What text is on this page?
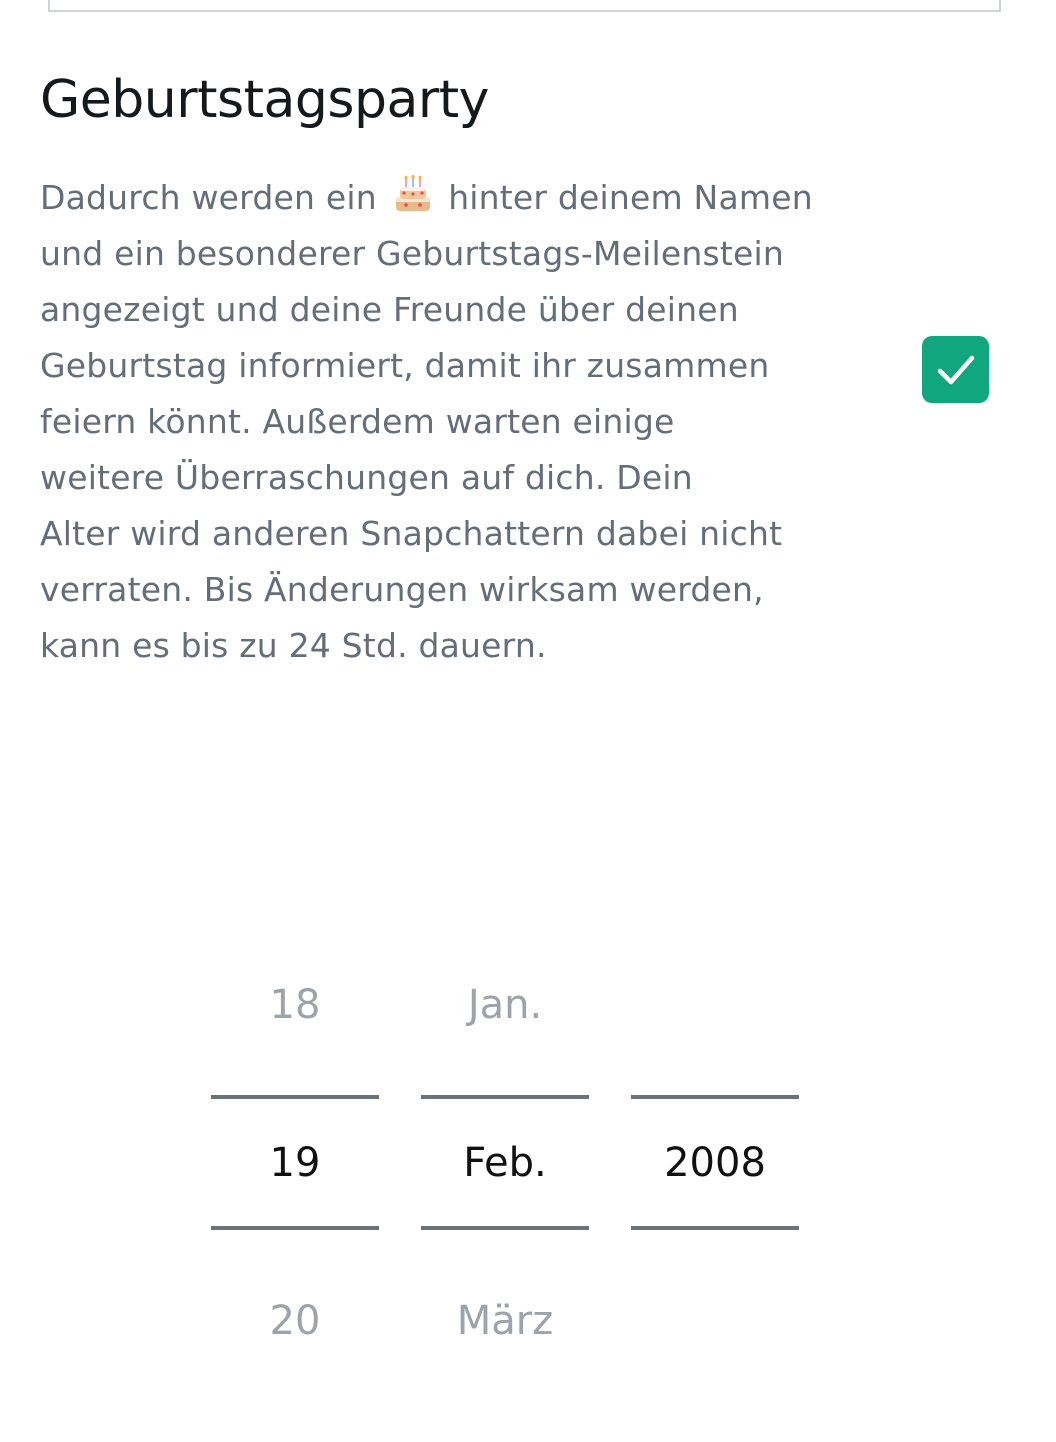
Geburtstagsparty
Dadurch werden ein  hinter deinem Namen
und ein besonderer Geburtstags-Meilenstein
angezeigt und deine Freunde über deinen
Geburtstag informiert, damit ihr zusammen
feiern könnt. Außerdem warten einige
weitere Überraschungen auf dich. Dein
Alter wird anderen Snapchattern dabei nicht
verraten. Bis Änderungen wirksam werden,
kann es bis zu 24 Std. dauern.
18
19
20
Jan.
Feb.
März
2008
